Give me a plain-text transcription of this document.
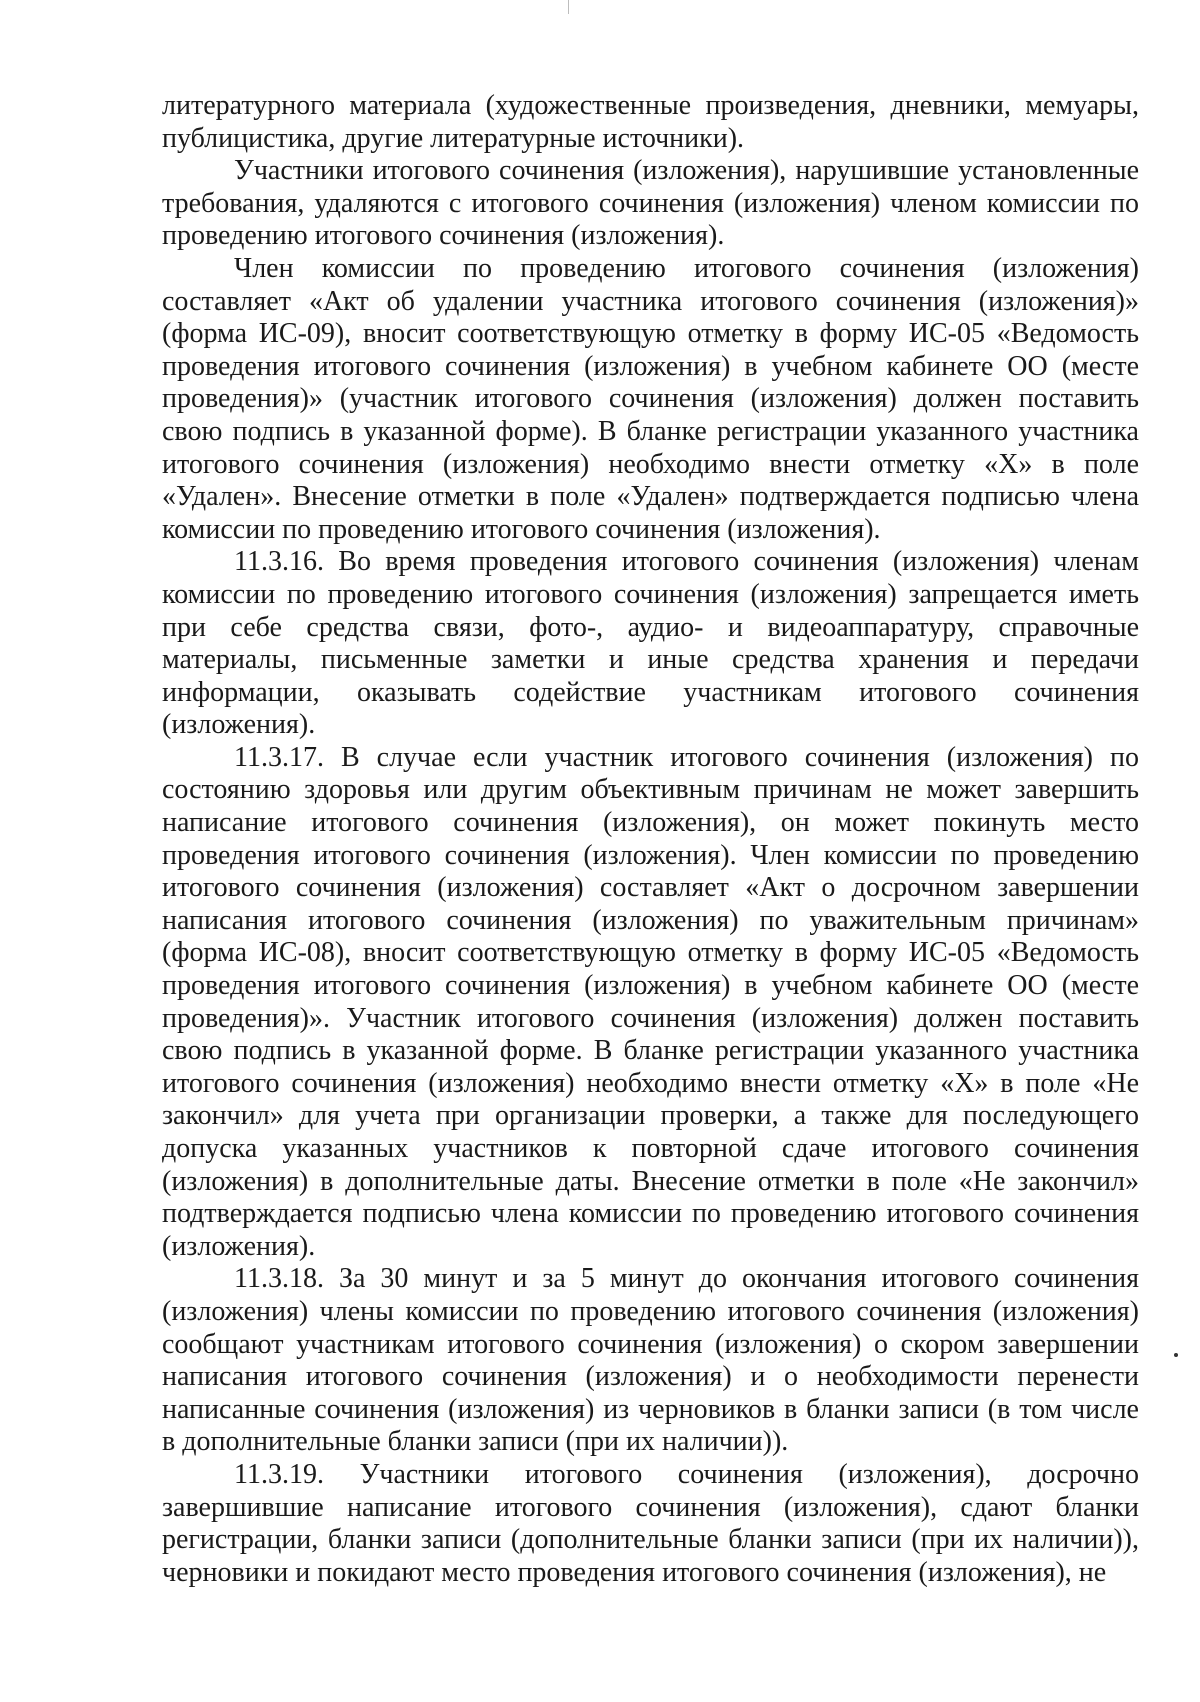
литературного материала (художественные произведения, дневники, мемуары, публицистика, другие литературные источники).

Участники итогового сочинения (изложения), нарушившие установленные требования, удаляются с итогового сочинения (изложения) членом комиссии по проведению итогового сочинения (изложения).

Член комиссии по проведению итогового сочинения (изложения) составляет «Акт об удалении участника итогового сочинения (изложения)» (форма ИС-09), вносит соответствующую отметку в форму ИС-05 «Ведомость проведения итогового сочинения (изложения) в учебном кабинете ОО (месте проведения)» (участник итогового сочинения (изложения) должен поставить свою подпись в указанной форме). В бланке регистрации указанного участника итогового сочинения (изложения) необходимо внести отметку «X» в поле «Удален». Внесение отметки в поле «Удален» подтверждается подписью члена комиссии по проведению итогового сочинения (изложения).

11.3.16. Во время проведения итогового сочинения (изложения) членам комиссии по проведению итогового сочинения (изложения) запрещается иметь при себе средства связи, фото-, аудио- и видеоаппаратуру, справочные материалы, письменные заметки и иные средства хранения и передачи информации, оказывать содействие участникам итогового сочинения (изложения).

11.3.17. В случае если участник итогового сочинения (изложения) по состоянию здоровья или другим объективным причинам не может завершить написание итогового сочинения (изложения), он может покинуть место проведения итогового сочинения (изложения). Член комиссии по проведению итогового сочинения (изложения) составляет «Акт о досрочном завершении написания итогового сочинения (изложения) по уважительным причинам» (форма ИС-08), вносит соответствующую отметку в форму ИС-05 «Ведомость проведения итогового сочинения (изложения) в учебном кабинете ОО (месте проведения)». Участник итогового сочинения (изложения) должен поставить свою подпись в указанной форме. В бланке регистрации указанного участника итогового сочинения (изложения) необходимо внести отметку «X» в поле «Не закончил» для учета при организации проверки, а также для последующего допуска указанных участников к повторной сдаче итогового сочинения (изложения) в дополнительные даты. Внесение отметки в поле «Не закончил» подтверждается подписью члена комиссии по проведению итогового сочинения (изложения).

11.3.18. За 30 минут и за 5 минут до окончания итогового сочинения (изложения) члены комиссии по проведению итогового сочинения (изложения) сообщают участникам итогового сочинения (изложения) о скором завершении написания итогового сочинения (изложения) и о необходимости перенести написанные сочинения (изложения) из черновиков в бланки записи (в том числе в дополнительные бланки записи (при их наличии)).

11.3.19. Участники итогового сочинения (изложения), досрочно завершившие написание итогового сочинения (изложения), сдают бланки регистрации, бланки записи (дополнительные бланки записи (при их наличии)), черновики и покидают место проведения итогового сочинения (изложения), не
